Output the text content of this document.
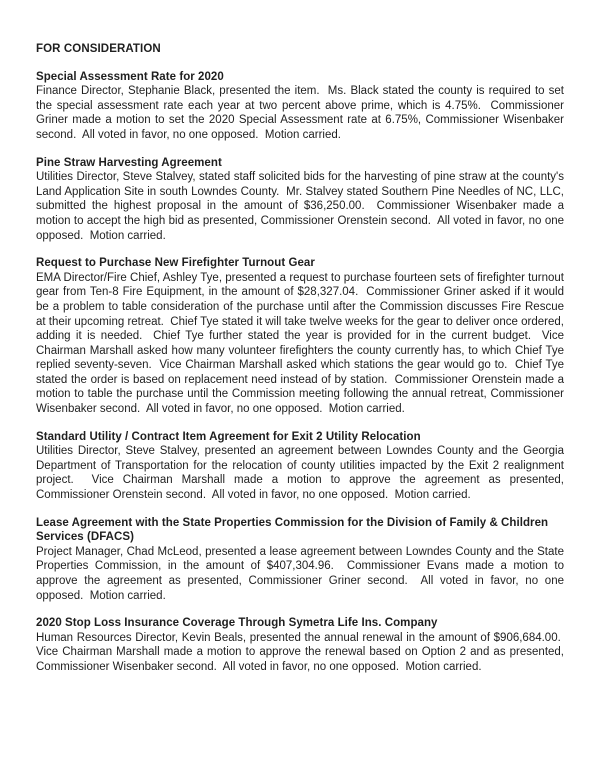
FOR CONSIDERATION
Special Assessment Rate for 2020

Finance Director, Stephanie Black, presented the item.  Ms. Black stated the county is required to set the special assessment rate each year at two percent above prime, which is 4.75%.  Commissioner Griner made a motion to set the 2020 Special Assessment rate at 6.75%, Commissioner Wisenbaker second.  All voted in favor, no one opposed.  Motion carried.

Pine Straw Harvesting Agreement

Utilities Director, Steve Stalvey, stated staff solicited bids for the harvesting of pine straw at the county's Land Application Site in south Lowndes County.  Mr. Stalvey stated Southern Pine Needles of NC, LLC, submitted the highest proposal in the amount of $36,250.00.  Commissioner Wisenbaker made a motion to accept the high bid as presented, Commissioner Orenstein second.  All voted in favor, no one opposed.  Motion carried.

Request to Purchase New Firefighter Turnout Gear

EMA Director/Fire Chief, Ashley Tye, presented a request to purchase fourteen sets of firefighter turnout gear from Ten-8 Fire Equipment, in the amount of $28,327.04.  Commissioner Griner asked if it would be a problem to table consideration of the purchase until after the Commission discusses Fire Rescue at their upcoming retreat.  Chief Tye stated it will take twelve weeks for the gear to deliver once ordered, adding it is needed.  Chief Tye further stated the year is provided for in the current budget.  Vice Chairman Marshall asked how many volunteer firefighters the county currently has, to which Chief Tye replied seventy-seven.  Vice Chairman Marshall asked which stations the gear would go to.  Chief Tye stated the order is based on replacement need instead of by station.  Commissioner Orenstein made a motion to table the purchase until the Commission meeting following the annual retreat, Commissioner Wisenbaker second.  All voted in favor, no one opposed.  Motion carried.

Standard Utility / Contract Item Agreement for Exit 2 Utility Relocation

Utilities Director, Steve Stalvey, presented an agreement between Lowndes County and the Georgia Department of Transportation for the relocation of county utilities impacted by the Exit 2 realignment project.  Vice Chairman Marshall made a motion to approve the agreement as presented, Commissioner Orenstein second.  All voted in favor, no one opposed.  Motion carried.

Lease Agreement with the State Properties Commission for the Division of Family & Children Services (DFACS)

Project Manager, Chad McLeod, presented a lease agreement between Lowndes County and the State Properties Commission, in the amount of $407,304.96.  Commissioner Evans made a motion to approve the agreement as presented, Commissioner Griner second.  All voted in favor, no one opposed.  Motion carried.

2020 Stop Loss Insurance Coverage Through Symetra Life Ins. Company

Human Resources Director, Kevin Beals, presented the annual renewal in the amount of $906,684.00.  Vice Chairman Marshall made a motion to approve the renewal based on Option 2 and as presented, Commissioner Wisenbaker second.  All voted in favor, no one opposed.  Motion carried.
